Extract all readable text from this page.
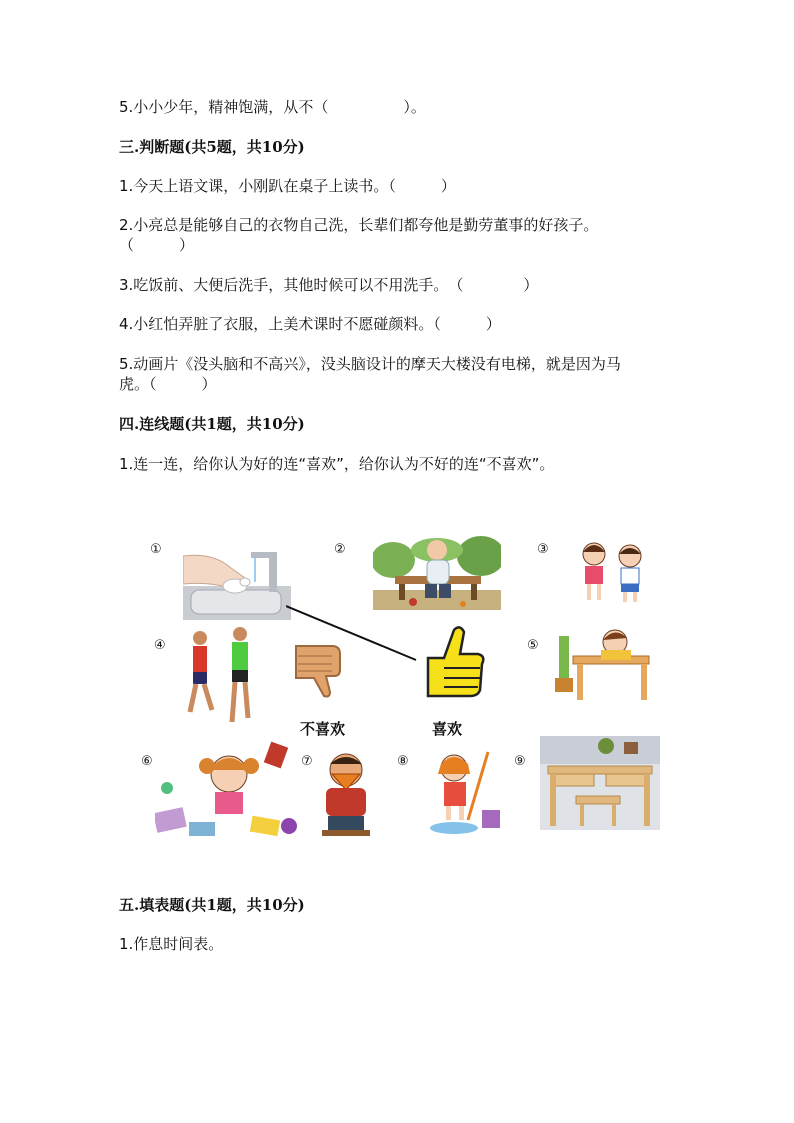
5.小小少年，精神饱满，从不（　　　　　）。
三.判断题(共5题，共10分)
1.今天上语文课，小刚趴在桌子上读书。（　　　）
2.小亮总是能够自己的衣物自己洗，长辈们都夸他是勤劳董事的好孩子。
（　　　）
3.吃饭前、大便后洗手，其他时候可以不用洗手。　（　　　　）
4.小红怕弄脏了衣服，上美术课时不愿碰颜料。（　　　）
5.动画片《没头脑和不高兴》，没头脑设计的摩天大楼没有电梯，就是因为马
虎。（　　　）
四.连线题(共1题，共10分)
1.连一连，给你认为好的连“喜欢”，给你认为不好的连“不喜欢”。
①	②	③
④	⑤
⑥	⑦	⑧	⑨
不喜欢	喜欢
五.填表题(共1题，共10分)
1.作息时间表。
